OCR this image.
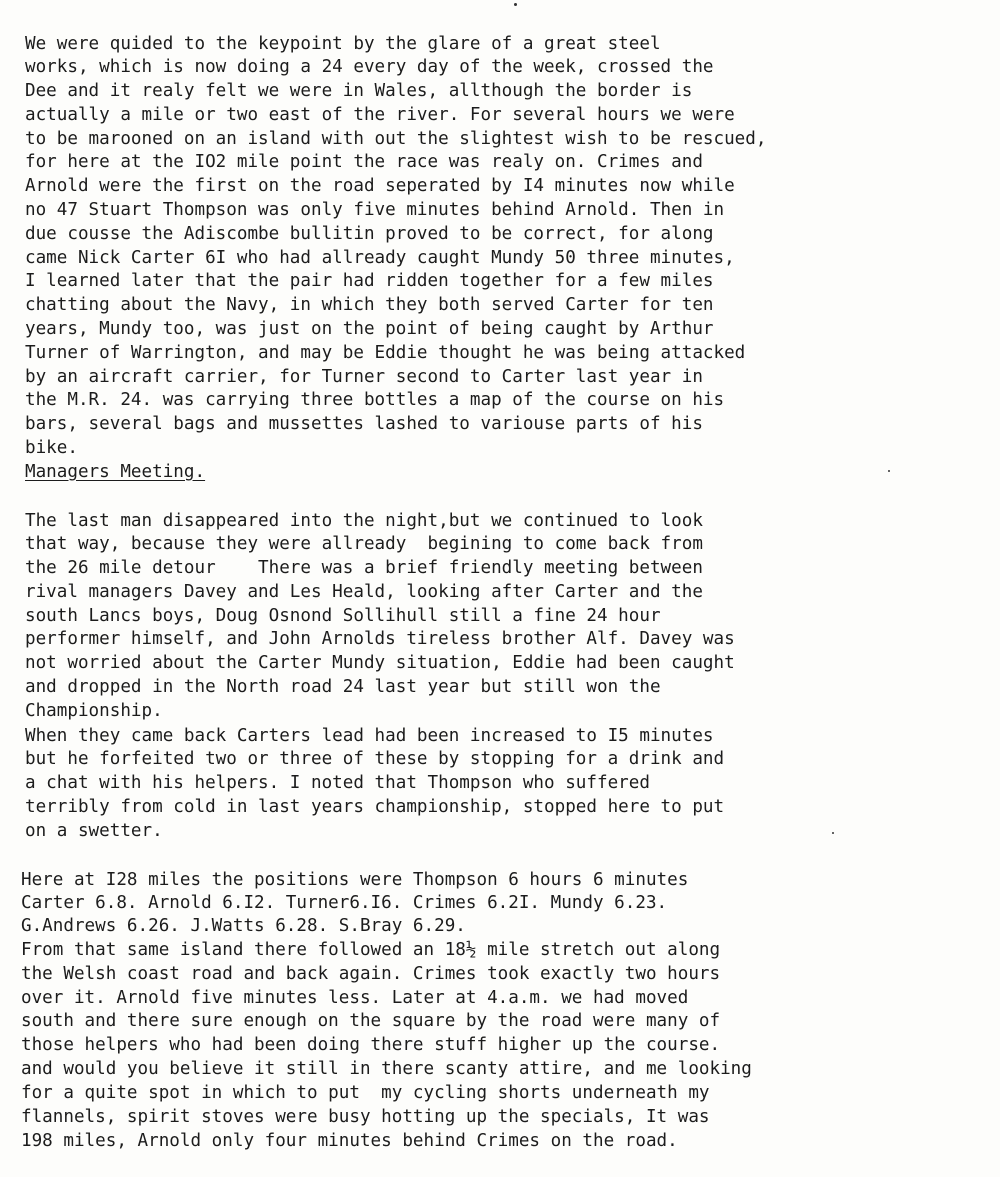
We were quided to the keypoint by the glare of a great steel
works, which is now doing a 24 every day of the week, crossed the
Dee and it realy felt we were in Wales, allthough the border is
actually a mile or two east of the river. For several hours we were
to be marooned on an island with out the slightest wish to be rescued,
for here at the IO2 mile point the race was realy on. Crimes and
Arnold were the first on the road seperated by I4 minutes now while
no 47 Stuart Thompson was only five minutes behind Arnold. Then in
due cousse the Adiscombe bullitin proved to be correct, for along
came Nick Carter 6I who had allready caught Mundy 50 three minutes,
I learned later that the pair had ridden together for a few miles
chatting about the Navy, in which they both served Carter for ten
years, Mundy too, was just on the point of being caught by Arthur
Turner of Warrington, and may be Eddie thought he was being attacked
by an aircraft carrier, for Turner second to Carter last year in
the M.R. 24. was carrying three bottles a map of the course on his
bars, several bags and mussettes lashed to variouse parts of his
bike.
Managers Meeting.
The last man disappeared into the night,but we continued to look
that way, because they were allready  begining to come back from
the 26 mile detour    There was a brief friendly meeting between
rival managers Davey and Les Heald, looking after Carter and the
south Lancs boys, Doug Osnond Sollihull still a fine 24 hour
performer himself, and John Arnolds tireless brother Alf. Davey was
not worried about the Carter Mundy situation, Eddie had been caught
and dropped in the North road 24 last year but still won the
Championship.
When they came back Carters lead had been increased to I5 minutes
but he forfeited two or three of these by stopping for a drink and
a chat with his helpers. I noted that Thompson who suffered
terribly from cold in last years championship, stopped here to put
on a swetter.
Here at I28 miles the positions were Thompson 6 hours 6 minutes
Carter 6.8. Arnold 6.I2. Turner6.I6. Crimes 6.2I. Mundy 6.23.
G.Andrews 6.26. J.Watts 6.28. S.Bray 6.29.
From that same island there followed an 18½ mile stretch out along
the Welsh coast road and back again. Crimes took exactly two hours
over it. Arnold five minutes less. Later at 4.a.m. we had moved
south and there sure enough on the square by the road were many of
those helpers who had been doing there stuff higher up the course.
and would you believe it still in there scanty attire, and me looking
for a quite spot in which to put  my cycling shorts underneath my
flannels, spirit stoves were busy hotting up the specials, It was
198 miles, Arnold only four minutes behind Crimes on the road.
